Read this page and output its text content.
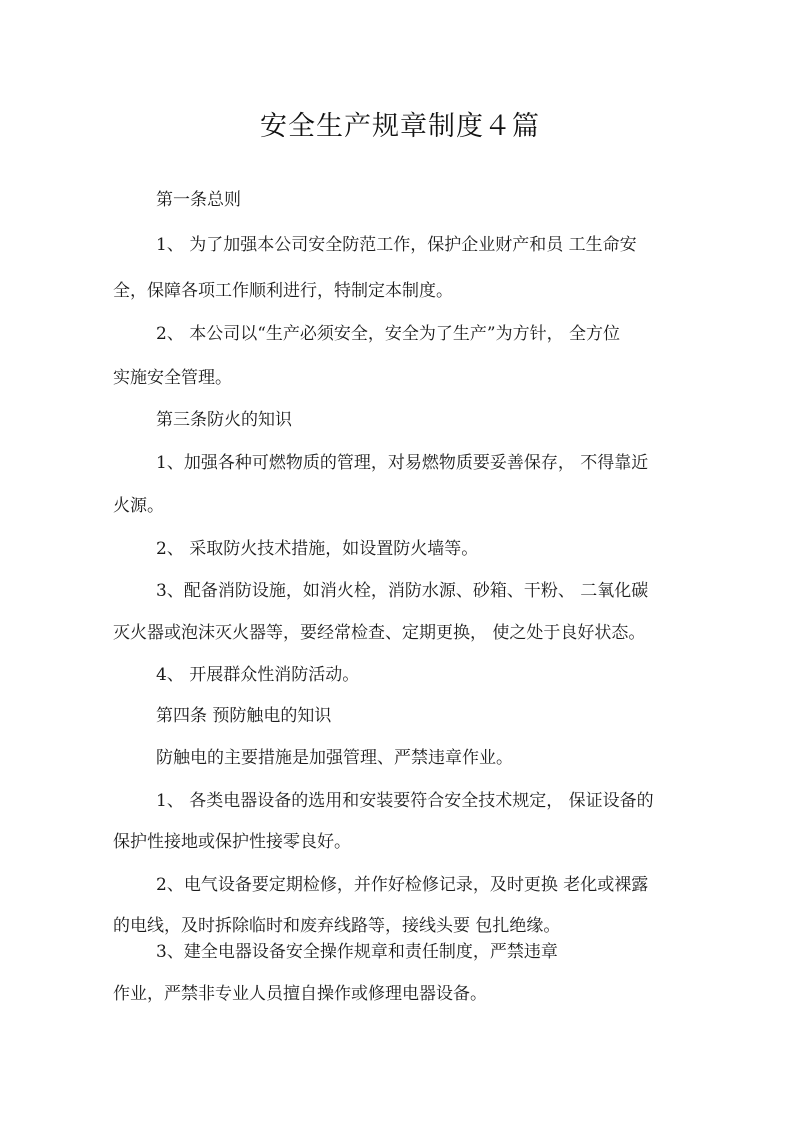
安全生产规章制度４篇
第一条总则
1、 为了加强本公司安全防范工作，保护企业财产和员 工生命安
全，保障各项工作顺利进行，特制定本制度。
2、 本公司以“生产必须安全，安全为了生产”为方针， 全方位
实施安全管理。
第三条防火的知识
1、加强各种可燃物质的管理，对易燃物质要妥善保存， 不得靠近
火源。
2、 采取防火技术措施，如设置防火墙等。
3、配备消防设施，如消火栓，消防水源、砂箱、干粉、 二氧化碳
灭火器或泡沫灭火器等，要经常检查、定期更换， 使之处于良好状态。
4、 开展群众性消防活动。
第四条 预防触电的知识
防触电的主要措施是加强管理、严禁违章作业。
1、 各类电器设备的选用和安装要符合安全技术规定， 保证设备的
保护性接地或保护性接零良好。
2、电气设备要定期检修，并作好检修记录，及时更换 老化或裸露
的电线，及时拆除临时和废弃线路等，接线头要 包扎绝缘。
3、建全电器设备安全操作规章和责任制度，严禁违章
作业，严禁非专业人员擅自操作或修理电器设备。
